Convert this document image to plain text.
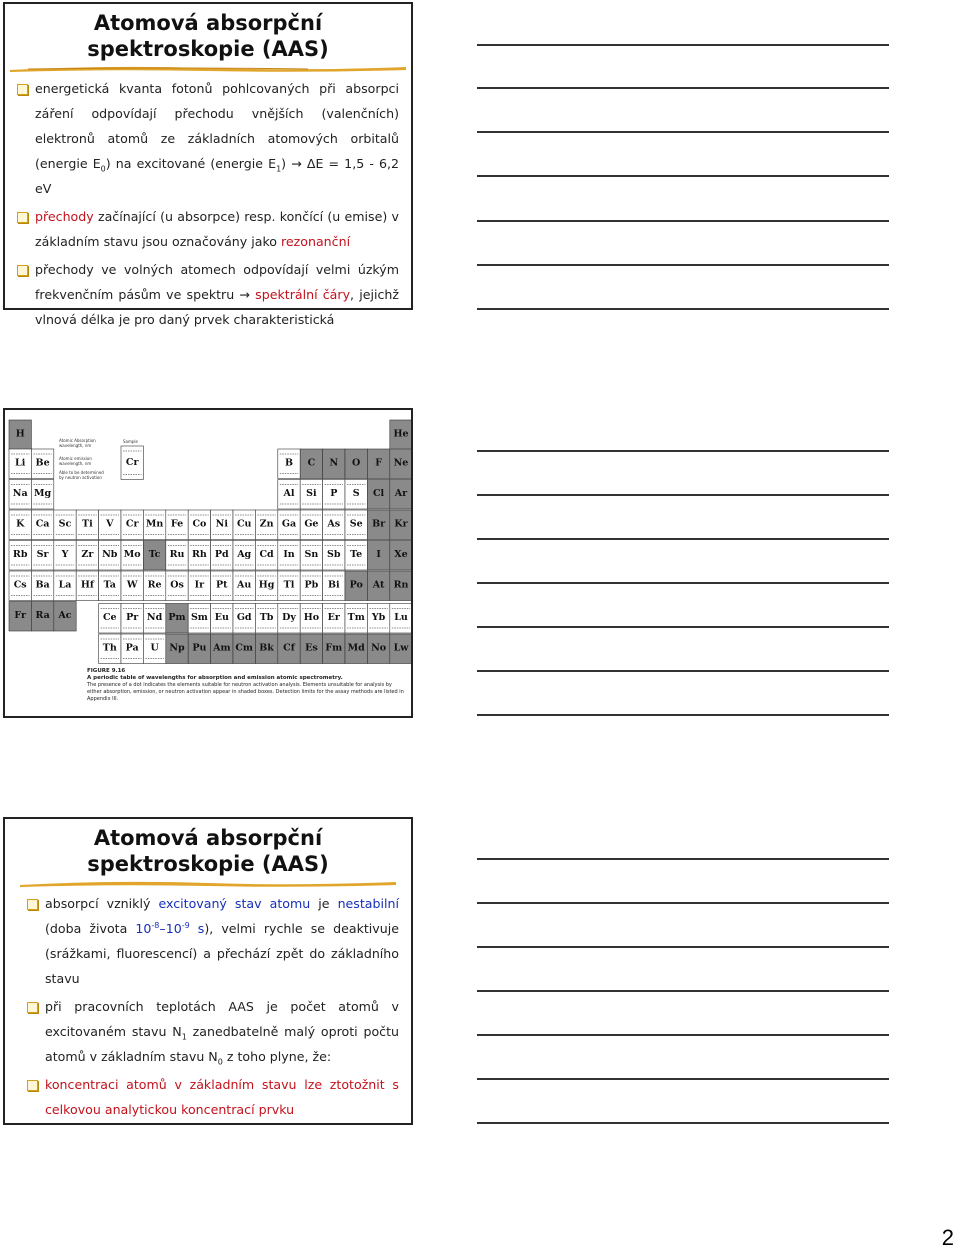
Atomová absorpční
spektroskopie (AAS)
energetická kvanta fotonů pohlcovaných při absorpci záření odpovídají přechodu vnějších (valenčních) elektronů atomů ze základních atomových orbitalů (energie $E_0$) na excitované (energie $E_1) \to \Delta E = 1,5 - 6,2$ eV
přechody začínající (u absorpce) resp. končící (u emise) v základním stavu jsou označovány jako rezonanční
přechody ve volných atomech odpovídají velmi úzkým frekvenčním pásům ve spektru → spektrální čáry, jejichž vlnová délka je pro daný prvek charakteristická
H	He
Li Be	B C N O F Ne
Na Mg	Al Si P S Cl Ar
K Ca Sc Ti V Cr Mn Fe Co Ni Cu Zn Ga Ge As Se Br Kr
Rb Sr Y Zr Nb Mo Tc Ru Rh Pd Ag Cd In Sn Sb Te I Xe
Cs Ba La Hf Ta W Re Os Ir Pt Au Hg Tl Pb Bi Po At Rn
Fr Ra Ac
Cr
Ce Pr Nd Pm Sm Eu Gd Tb Dy Ho Er Tm Yb Lu
Th Pa U Np Pu Am Cm Bk Cf Es Fm Md No Lw
Atomic Absorption wavelength, nm
Atomic emission wavelength, nm
Able to be determined by neutron activation
Sample
FIGURE 9.16
A periodic table of wavelengths for absorption and emission atomic spectrometry.
The presence of a dot indicates the elements suitable for neutron activation analysis. Elements unsuitable for analysis by either absorption, emission, or neutron activation appear in shaded boxes. Detection limits for the assay methods are listed in Appendix III.
Atomová absorpční
spektroskopie (AAS)
absorpcí vzniklý excitovaný stav atomu je nestabilní (doba života $10^{-8}-10^{-9}$ s), velmi rychle se deaktivuje (srážkami, fluorescencí) a přechází zpět do základního stavu
při pracovních teplotách AAS je počet atomů v excitovaném stavu $N_1$ zanedbatelně malý oproti počtu atomů v základním stavu $N_0$ z toho plyne, že:
koncentraci atomů v základním stavu lze ztotožnit s celkovou analytickou koncentrací prvku
2
